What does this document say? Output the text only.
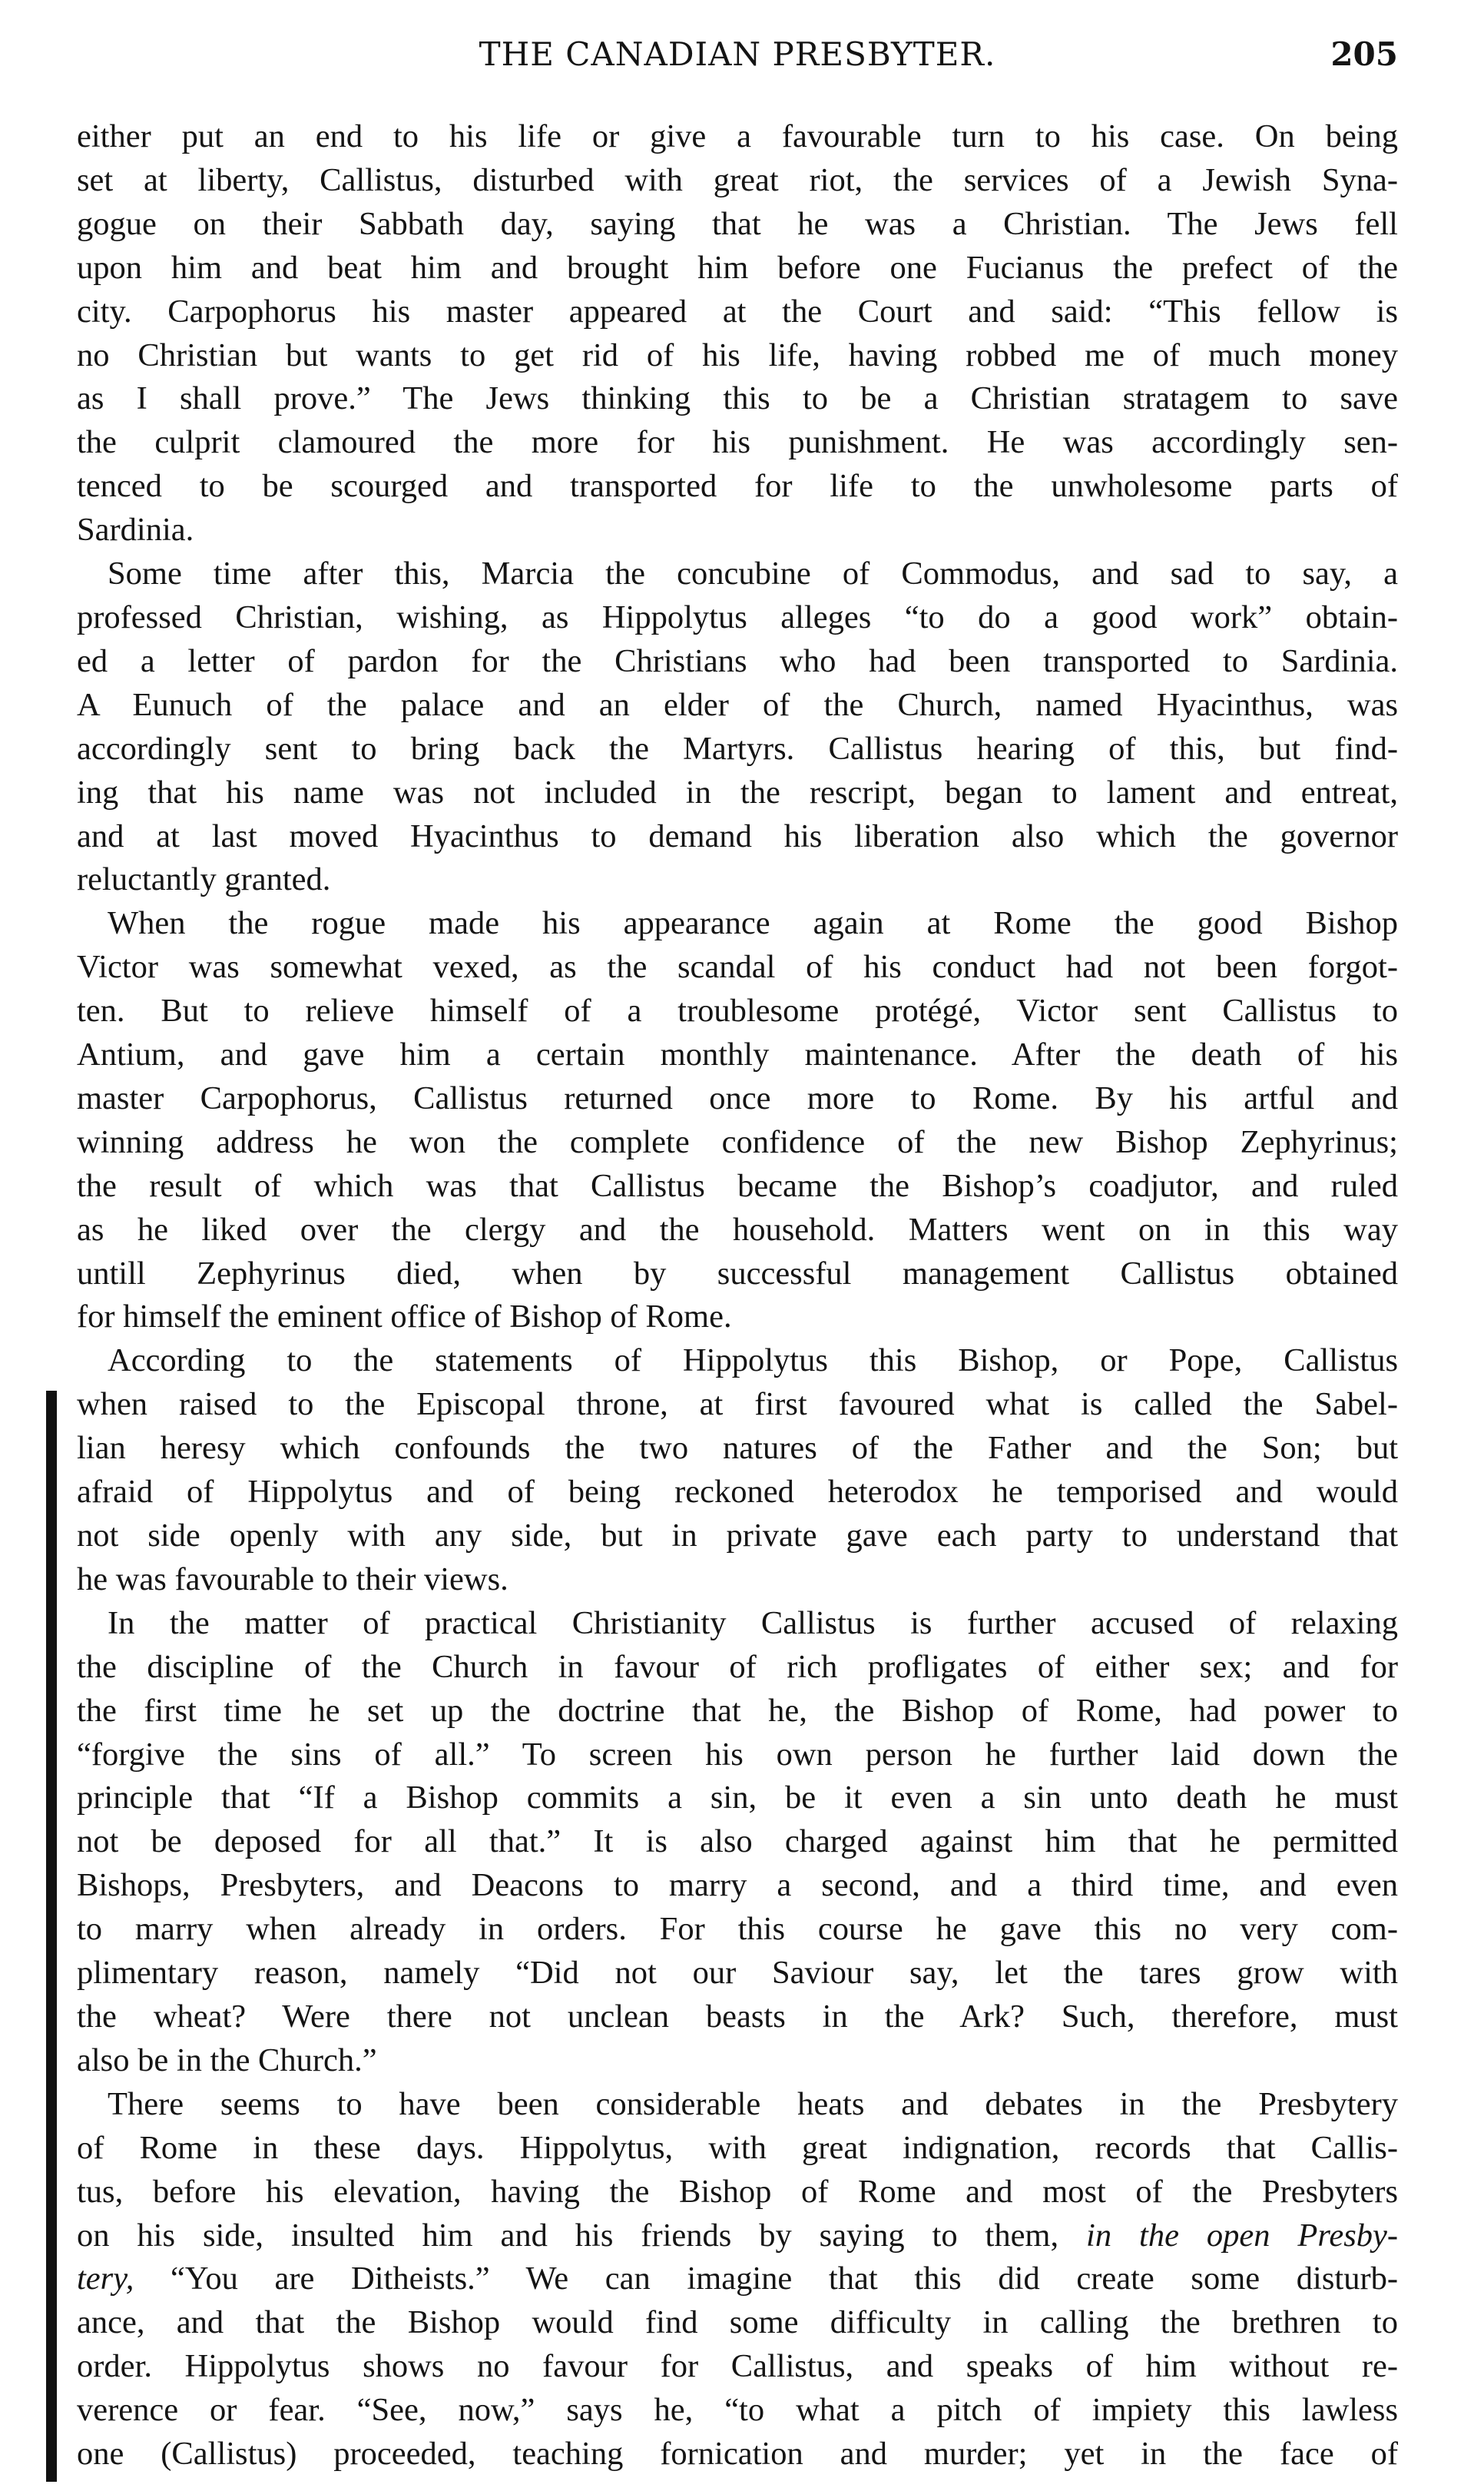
THE CANADIAN PRESBYTER.	205

either put an end to his life or give a favourable turn to his case. On being
set at liberty, Callistus, disturbed with great riot, the services of a Jewish Syna-
gogue on their Sabbath day, saying that he was a Christian. The Jews fell
upon him and beat him and brought him before one Fucianus the prefect of the
city. Carpophorus his master appeared at the Court and said: “This fellow is
no Christian but wants to get rid of his life, having robbed me of much money
as I shall prove.” The Jews thinking this to be a Christian stratagem to save
the culprit clamoured the more for his punishment. He was accordingly sen-
tenced to be scourged and transported for life to the unwholesome parts of
Sardinia.

Some time after this, Marcia the concubine of Commodus, and sad to say, a
professed Christian, wishing, as Hippolytus alleges “to do a good work” obtain-
ed a letter of pardon for the Christians who had been transported to Sardinia.
A Eunuch of the palace and an elder of the Church, named Hyacinthus, was
accordingly sent to bring back the Martyrs. Callistus hearing of this, but find-
ing that his name was not included in the rescript, began to lament and entreat,
and at last moved Hyacinthus to demand his liberation also which the governor
reluctantly granted.

When the rogue made his appearance again at Rome the good Bishop
Victor was somewhat vexed, as the scandal of his conduct had not been forgot-
ten. But to relieve himself of a troublesome protégé, Victor sent Callistus to
Antium, and gave him a certain monthly maintenance. After the death of his
master Carpophorus, Callistus returned once more to Rome. By his artful and
winning address he won the complete confidence of the new Bishop Zephyrinus;
the result of which was that Callistus became the Bishop’s coadjutor, and ruled
as he liked over the clergy and the household. Matters went on in this way
untill Zephyrinus died, when by successful management Callistus obtained
for himself the eminent office of Bishop of Rome.

According to the statements of Hippolytus this Bishop, or Pope, Callistus
when raised to the Episcopal throne, at first favoured what is called the Sabel-
lian heresy which confounds the two natures of the Father and the Son; but
afraid of Hippolytus and of being reckoned heterodox he temporised and would
not side openly with any side, but in private gave each party to understand that
he was favourable to their views.

In the matter of practical Christianity Callistus is further accused of relaxing
the discipline of the Church in favour of rich profligates of either sex; and for
the first time he set up the doctrine that he, the Bishop of Rome, had power to
“forgive the sins of all.” To screen his own person he further laid down the
principle that “If a Bishop commits a sin, be it even a sin unto death he must
not be deposed for all that.” It is also charged against him that he permitted
Bishops, Presbyters, and Deacons to marry a second, and a third time, and even
to marry when already in orders. For this course he gave this no very com-
plimentary reason, namely “Did not our Saviour say, let the tares grow with
the wheat? Were there not unclean beasts in the Ark? Such, therefore, must
also be in the Church.”

There seems to have been considerable heats and debates in the Presbytery
of Rome in these days. Hippolytus, with great indignation, records that Callis-
tus, before his elevation, having the Bishop of Rome and most of the Presbyters
on his side, insulted him and his friends by saying to them, in the open Presby-
tery, “You are Ditheists.” We can imagine that this did create some disturb-
ance, and that the Bishop would find some difficulty in calling the brethren to
order. Hippolytus shows no favour for Callistus, and speaks of him without re-
verence or fear. “See, now,” says he, “to what a pitch of impiety this lawless
one (Callistus) proceeded, teaching fornication and murder; yet in the face of
